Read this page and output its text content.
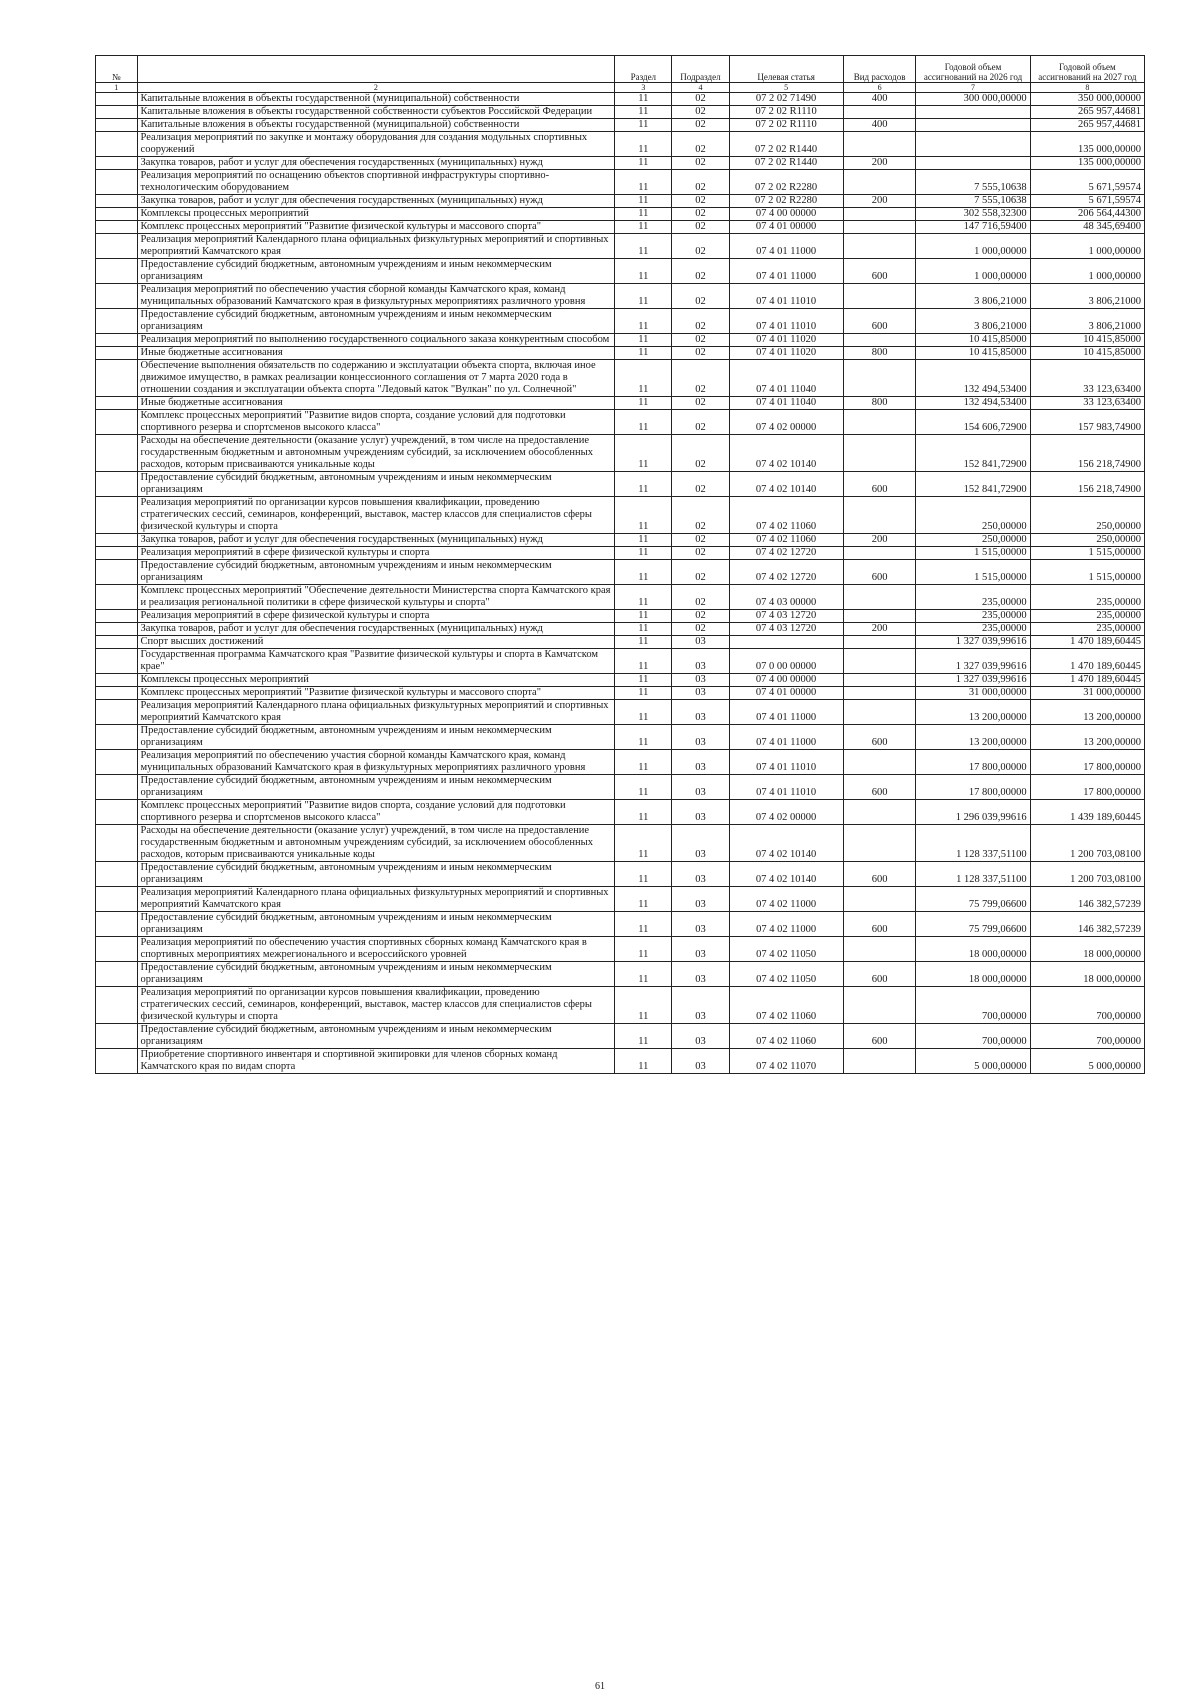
№		Раздел	Подраздел	Целевая статья	Вид расходов	Годовой объем ассигнований на 2026 год	Годовой объем ассигнований на 2027 год
1	2	3	4	5	6	7	8
	Капитальные вложения в объекты государственной (муниципальной) собственности	11	02	07 2 02 71490	400	300 000,00000	350 000,00000
	Капитальные вложения в объекты государственной собственности субъектов Российской Федерации	11	02	07 2 02 R1110			265 957,44681
	Капитальные вложения в объекты государственной (муниципальной) собственности	11	02	07 2 02 R1110	400		265 957,44681
	Реализация мероприятий по закупке и монтажу оборудования для создания модульных спортивных сооружений	11	02	07 2 02 R1440			135 000,00000
	Закупка товаров, работ и услуг для обеспечения государственных (муниципальных) нужд	11	02	07 2 02 R1440	200		135 000,00000
	Реализация мероприятий по оснащению объектов спортивной инфраструктуры спортивно-технологическим оборудованием	11	02	07 2 02 R2280		7 555,10638	5 671,59574
	Закупка товаров, работ и услуг для обеспечения государственных (муниципальных) нужд	11	02	07 2 02 R2280	200	7 555,10638	5 671,59574
	Комплексы процессных мероприятий	11	02	07 4 00 00000		302 558,32300	206 564,44300
	Комплекс процессных мероприятий "Развитие физической культуры и массового спорта"	11	02	07 4 01 00000		147 716,59400	48 345,69400
	Реализация мероприятий Календарного плана официальных физкультурных мероприятий и спортивных мероприятий Камчатского края	11	02	07 4 01 11000		1 000,00000	1 000,00000
	Предоставление субсидий бюджетным, автономным учреждениям и иным некоммерческим организациям	11	02	07 4 01 11000	600	1 000,00000	1 000,00000
	Реализация мероприятий по обеспечению участия сборной команды Камчатского края, команд муниципальных образований Камчатского края в физкультурных мероприятиях различного уровня	11	02	07 4 01 11010		3 806,21000	3 806,21000
	Предоставление субсидий бюджетным, автономным учреждениям и иным некоммерческим организациям	11	02	07 4 01 11010	600	3 806,21000	3 806,21000
	Реализация мероприятий по выполнению государственного социального заказа конкурентным способом	11	02	07 4 01 11020		10 415,85000	10 415,85000
	Иные бюджетные ассигнования	11	02	07 4 01 11020	800	10 415,85000	10 415,85000
	Обеспечение выполнения обязательств по содержанию и эксплуатации объекта спорта, включая иное движимое имущество, в рамках реализации концессионного соглашения от 7 марта 2020 года в отношении создания и эксплуатации объекта спорта "Ледовый каток "Вулкан" по ул. Солнечной"	11	02	07 4 01 11040		132 494,53400	33 123,63400
	Иные бюджетные ассигнования	11	02	07 4 01 11040	800	132 494,53400	33 123,63400
	Комплекс процессных мероприятий "Развитие видов спорта, создание условий для подготовки спортивного резерва и спортсменов высокого класса"	11	02	07 4 02 00000		154 606,72900	157 983,74900
	Расходы на обеспечение деятельности (оказание услуг) учреждений, в том числе на предоставление государственным бюджетным и автономным учреждениям субсидий, за исключением обособленных расходов, которым присваиваются уникальные коды	11	02	07 4 02 10140		152 841,72900	156 218,74900
	Предоставление субсидий бюджетным, автономным учреждениям и иным некоммерческим организациям	11	02	07 4 02 10140	600	152 841,72900	156 218,74900
	Реализация мероприятий по организации курсов повышения квалификации, проведению стратегических сессий, семинаров, конференций, выставок, мастер классов для специалистов сферы физической культуры и спорта	11	02	07 4 02 11060		250,00000	250,00000
	Закупка товаров, работ и услуг для обеспечения государственных (муниципальных) нужд	11	02	07 4 02 11060	200	250,00000	250,00000
	Реализация мероприятий в сфере физической культуры и спорта	11	02	07 4 02 12720		1 515,00000	1 515,00000
	Предоставление субсидий бюджетным, автономным учреждениям и иным некоммерческим организациям	11	02	07 4 02 12720	600	1 515,00000	1 515,00000
	Комплекс процессных мероприятий "Обеспечение деятельности Министерства спорта Камчатского края и реализация региональной политики в сфере физической культуры и спорта"	11	02	07 4 03 00000		235,00000	235,00000
	Реализация мероприятий в сфере физической культуры и спорта	11	02	07 4 03 12720		235,00000	235,00000
	Закупка товаров, работ и услуг для обеспечения государственных (муниципальных) нужд	11	02	07 4 03 12720	200	235,00000	235,00000
	Спорт высших достижений	11	03			1 327 039,99616	1 470 189,60445
	Государственная программа Камчатского края "Развитие физической культуры и спорта в Камчатском крае"	11	03	07 0 00 00000		1 327 039,99616	1 470 189,60445
	Комплексы процессных мероприятий	11	03	07 4 00 00000		1 327 039,99616	1 470 189,60445
	Комплекс процессных мероприятий "Развитие физической культуры и массового спорта"	11	03	07 4 01 00000		31 000,00000	31 000,00000
	Реализация мероприятий Календарного плана официальных физкультурных мероприятий и спортивных мероприятий Камчатского края	11	03	07 4 01 11000		13 200,00000	13 200,00000
	Предоставление субсидий бюджетным, автономным учреждениям и иным некоммерческим организациям	11	03	07 4 01 11000	600	13 200,00000	13 200,00000
	Реализация мероприятий по обеспечению участия сборной команды Камчатского края, команд муниципальных образований Камчатского края в физкультурных мероприятиях различного уровня	11	03	07 4 01 11010		17 800,00000	17 800,00000
	Предоставление субсидий бюджетным, автономным учреждениям и иным некоммерческим организациям	11	03	07 4 01 11010	600	17 800,00000	17 800,00000
	Комплекс процессных мероприятий "Развитие видов спорта, создание условий для подготовки спортивного резерва и спортсменов высокого класса"	11	03	07 4 02 00000		1 296 039,99616	1 439 189,60445
	Расходы на обеспечение деятельности (оказание услуг) учреждений, в том числе на предоставление государственным бюджетным и автономным учреждениям субсидий, за исключением обособленных расходов, которым присваиваются уникальные коды	11	03	07 4 02 10140		1 128 337,51100	1 200 703,08100
	Предоставление субсидий бюджетным, автономным учреждениям и иным некоммерческим организациям	11	03	07 4 02 10140	600	1 128 337,51100	1 200 703,08100
	Реализация мероприятий Календарного плана официальных физкультурных мероприятий и спортивных мероприятий Камчатского края	11	03	07 4 02 11000		75 799,06600	146 382,57239
	Предоставление субсидий бюджетным, автономным учреждениям и иным некоммерческим организациям	11	03	07 4 02 11000	600	75 799,06600	146 382,57239
	Реализация мероприятий по обеспечению участия спортивных сборных команд Камчатского края в спортивных мероприятиях межрегионального и всероссийского уровней	11	03	07 4 02 11050		18 000,00000	18 000,00000
	Предоставление субсидий бюджетным, автономным учреждениям и иным некоммерческим организациям	11	03	07 4 02 11050	600	18 000,00000	18 000,00000
	Реализация мероприятий по организации курсов повышения квалификации, проведению стратегических сессий, семинаров, конференций, выставок, мастер классов для специалистов сферы физической культуры и спорта	11	03	07 4 02 11060		700,00000	700,00000
	Предоставление субсидий бюджетным, автономным учреждениям и иным некоммерческим организациям	11	03	07 4 02 11060	600	700,00000	700,00000
	Приобретение спортивного инвентаря и спортивной экипировки для членов сборных команд Камчатского края по видам спорта	11	03	07 4 02 11070		5 000,00000	5 000,00000
61
